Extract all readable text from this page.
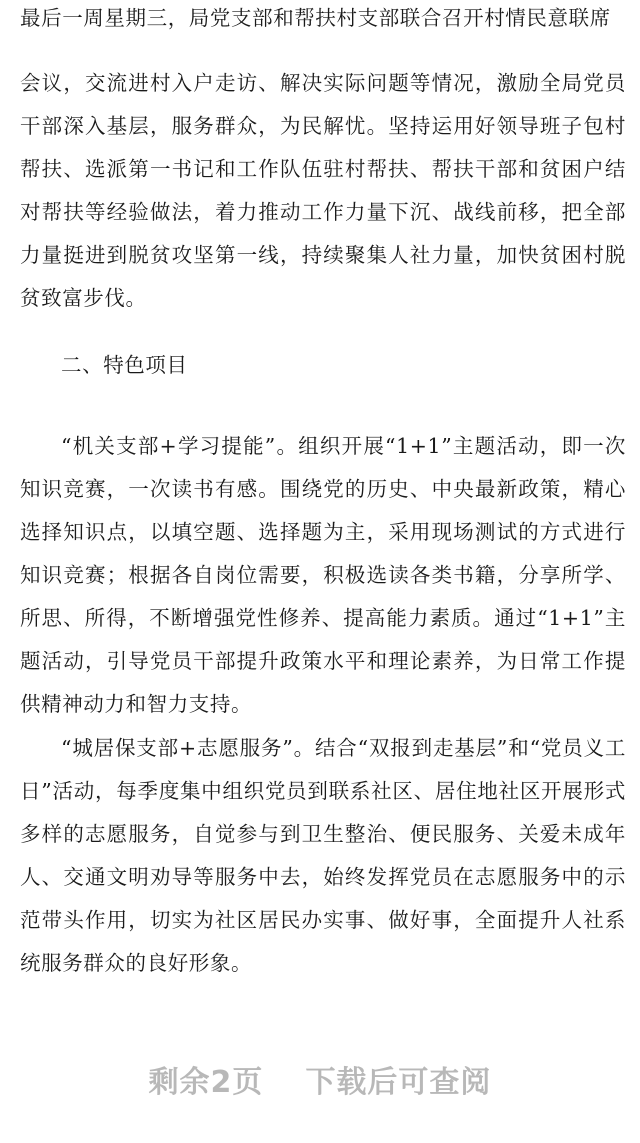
最后一周星期三，局党支部和帮扶村支部联合召开村情民意联席

会议，交流进村入户走访、解决实际问题等情况，激励全局党员干部深入基层，服务群众，为民解忧。坚持运用好领导班子包村帮扶、选派第一书记和工作队伍驻村帮扶、帮扶干部和贫困户结对帮扶等经验做法，着力推动工作力量下沉、战线前移，把全部力量挺进到脱贫攻坚第一线，持续聚集人社力量，加快贫困村脱贫致富步伐。

二、特色项目

“机关支部+学习提能”。组织开展“1+1”主题活动，即一次知识竞赛，一次读书有感。围绕党的历史、中央最新政策，精心选择知识点，以填空题、选择题为主，采用现场测试的方式进行知识竞赛；根据各自岗位需要，积极选读各类书籍，分享所学、所思、所得，不断增强党性修养、提高能力素质。通过“1+1”主题活动，引导党员干部提升政策水平和理论素养，为日常工作提供精神动力和智力支持。

“城居保支部+志愿服务”。结合“双报到走基层”和“党员义工日”活动，每季度集中组织党员到联系社区、居住地社区开展形式多样的志愿服务，自觉参与到卫生整治、便民服务、关爱未成年人、交通文明劝导等服务中去，始终发挥党员在志愿服务中的示范带头作用，切实为社区居民办实事、做好事，全面提升人社系统服务群众的良好形象。

剩余2页 下载后可查阅
